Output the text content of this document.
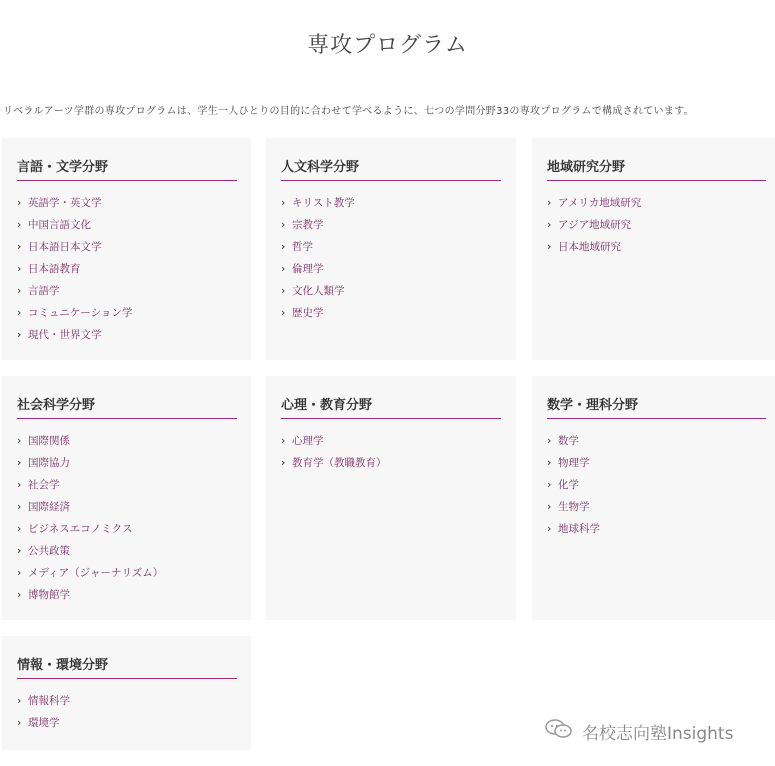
専攻プログラム

リベラルアーツ学群の専攻プログラムは、学生一人ひとりの目的に合わせて学べるように、七つの学問分野33の専攻プログラムで構成されています。

言語・文学分野
› 英語学・英文学
› 中国言語文化
› 日本語日本文学
› 日本語教育
› 言語学
› コミュニケーション学
› 現代・世界文学
人文科学分野
› キリスト教学
› 宗教学
› 哲学
› 倫理学
› 文化人類学
› 歴史学
地域研究分野
› アメリカ地域研究
› アジア地域研究
› 日本地域研究
社会科学分野
› 国際関係
› 国際協力
› 社会学
› 国際経済
› ビジネスエコノミクス
› 公共政策
› メディア（ジャーナリズム）
› 博物館学
心理・教育分野
› 心理学
› 教育学（教職教育）
数学・理科分野
› 数学
› 物理学
› 化学
› 生物学
› 地球科学
情報・環境分野
› 情報科学
› 環境学
名校志向塾Insights
